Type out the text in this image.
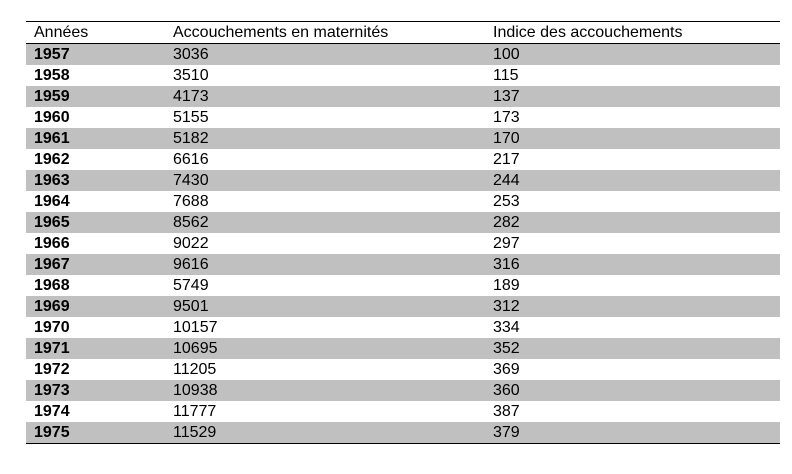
Années	Accouchements en maternités	Indice des accouchements
1957	3036	100
1958	3510	115
1959	4173	137
1960	5155	173
1961	5182	170
1962	6616	217
1963	7430	244
1964	7688	253
1965	8562	282
1966	9022	297
1967	9616	316
1968	5749	189
1969	9501	312
1970	10157	334
1971	10695	352
1972	11205	369
1973	10938	360
1974	11777	387
1975	11529	379
